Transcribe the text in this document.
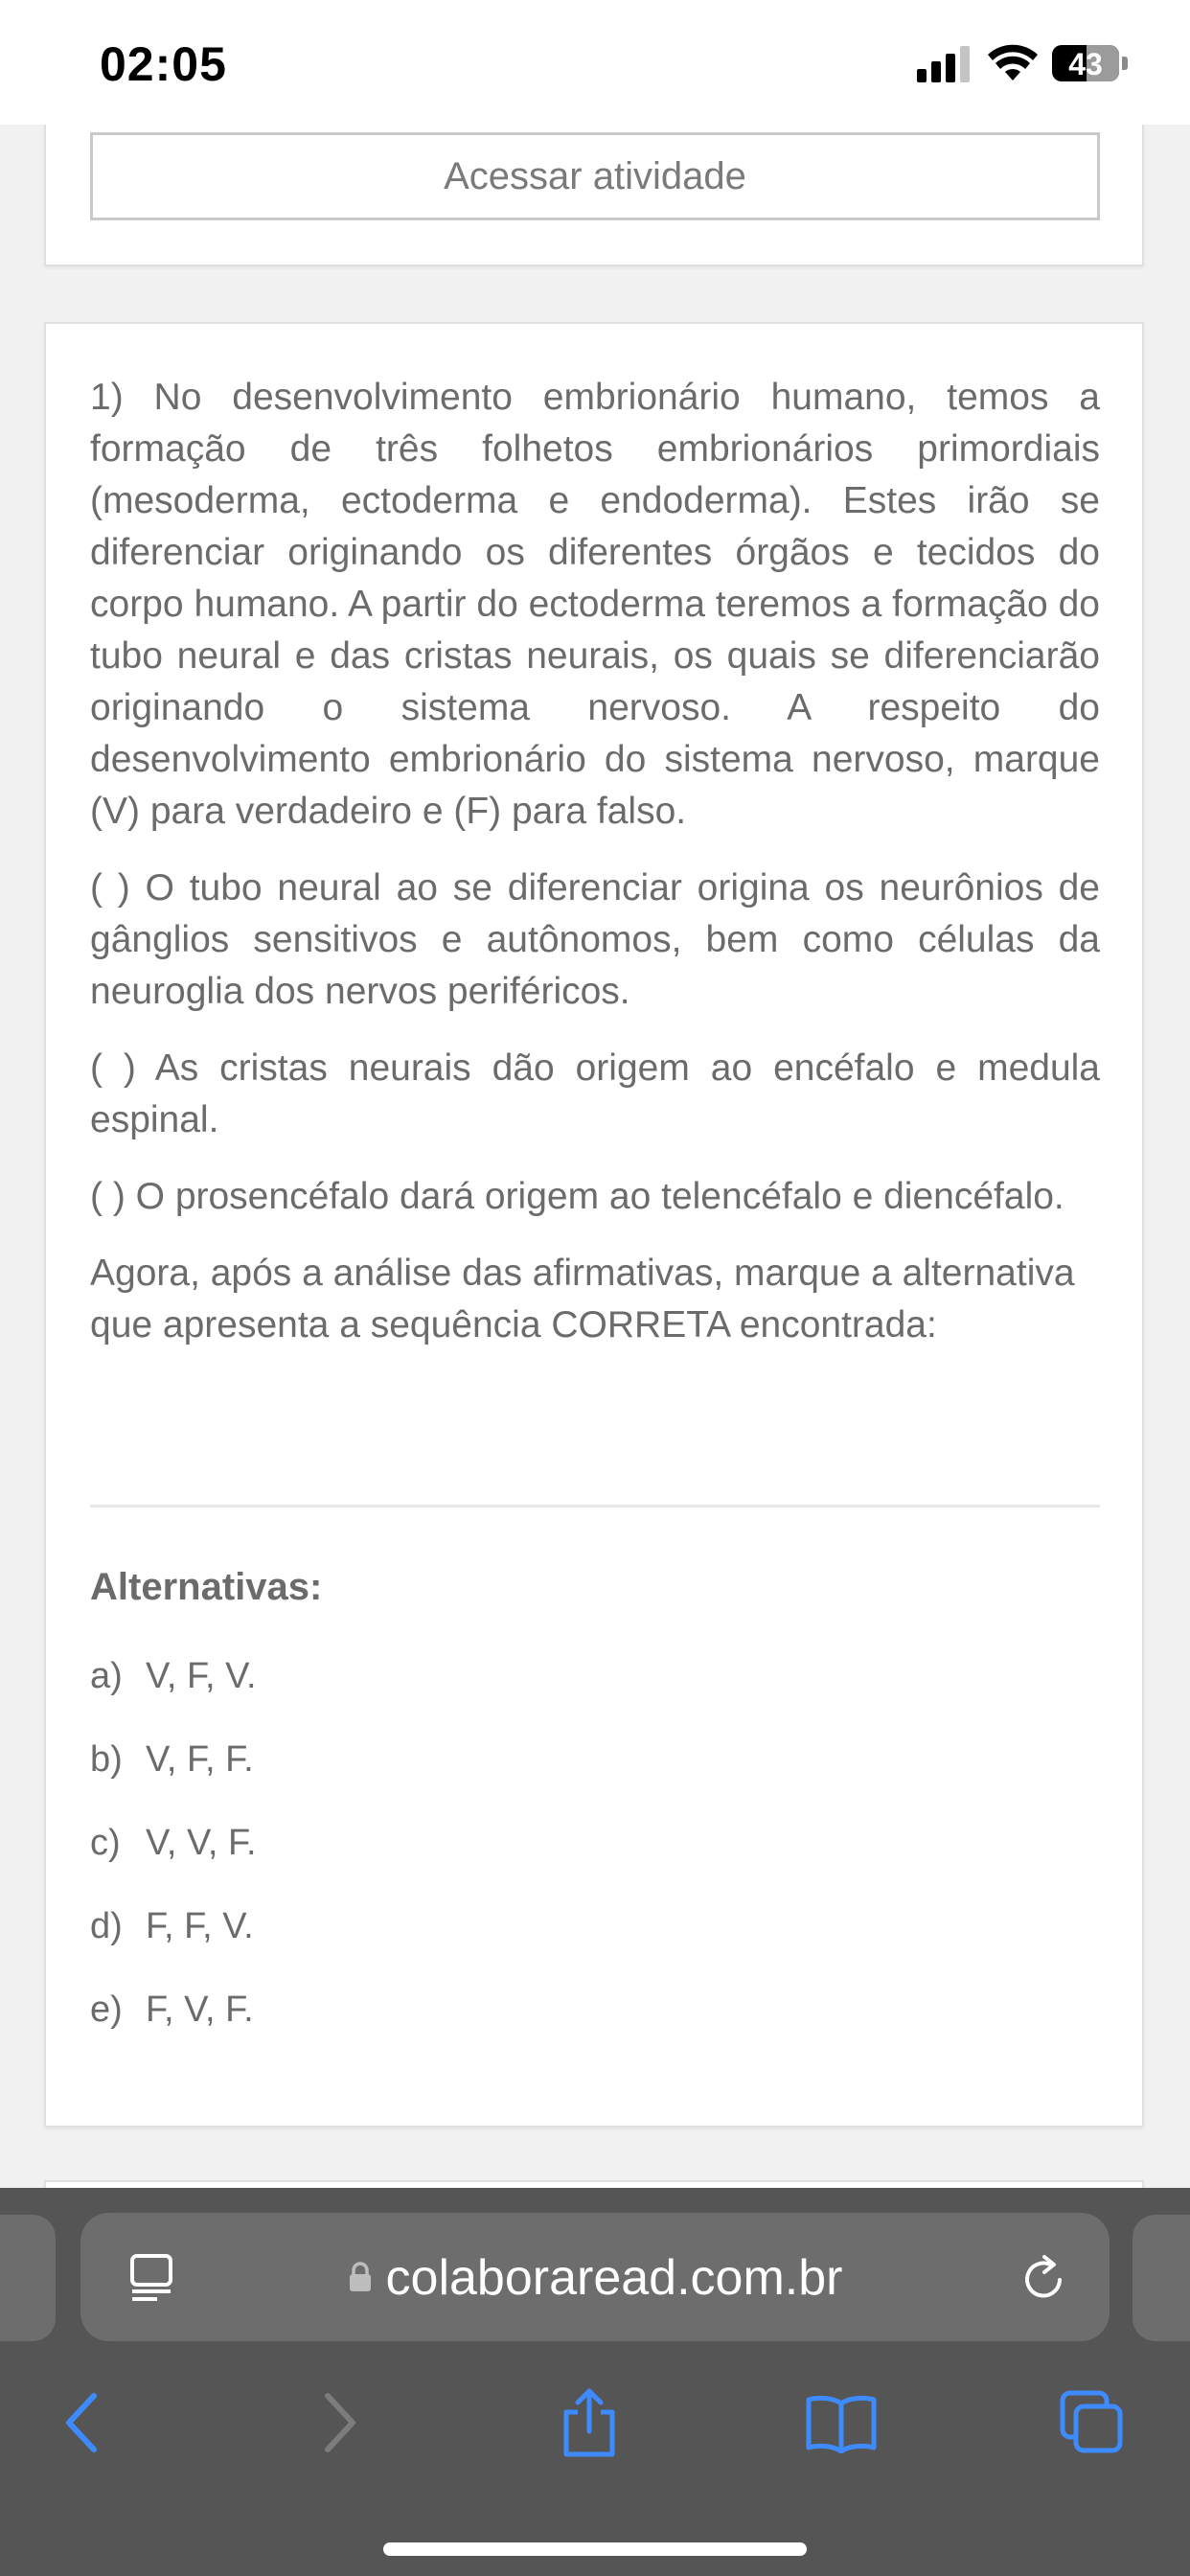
02:05	43
Acessar atividade

1) No desenvolvimento embrionário humano, temos a formação de três folhetos embrionários primordiais (mesoderma, ectoderma e endoderma). Estes irão se diferenciar originando os diferentes órgãos e tecidos do corpo humano. A partir do ectoderma teremos a formação do tubo neural e das cristas neurais, os quais se diferenciarão originando o sistema nervoso. A respeito do desenvolvimento embrionário do sistema nervoso, marque (V) para verdadeiro e (F) para falso.

( ) O tubo neural ao se diferenciar origina os neurônios de gânglios sensitivos e autônomos, bem como células da neuroglia dos nervos periféricos.

( ) As cristas neurais dão origem ao encéfalo e medula espinal.

( ) O prosencéfalo dará origem ao telencéfalo e diencéfalo.

Agora, após a análise das afirmativas, marque a alternativa que apresenta a sequência CORRETA encontrada:

Alternativas:
a) V, F, V.
b) V, F, F.
c) V, V, F.
d) F, F, V.
e) F, V, F.
colaboraread.com.br
